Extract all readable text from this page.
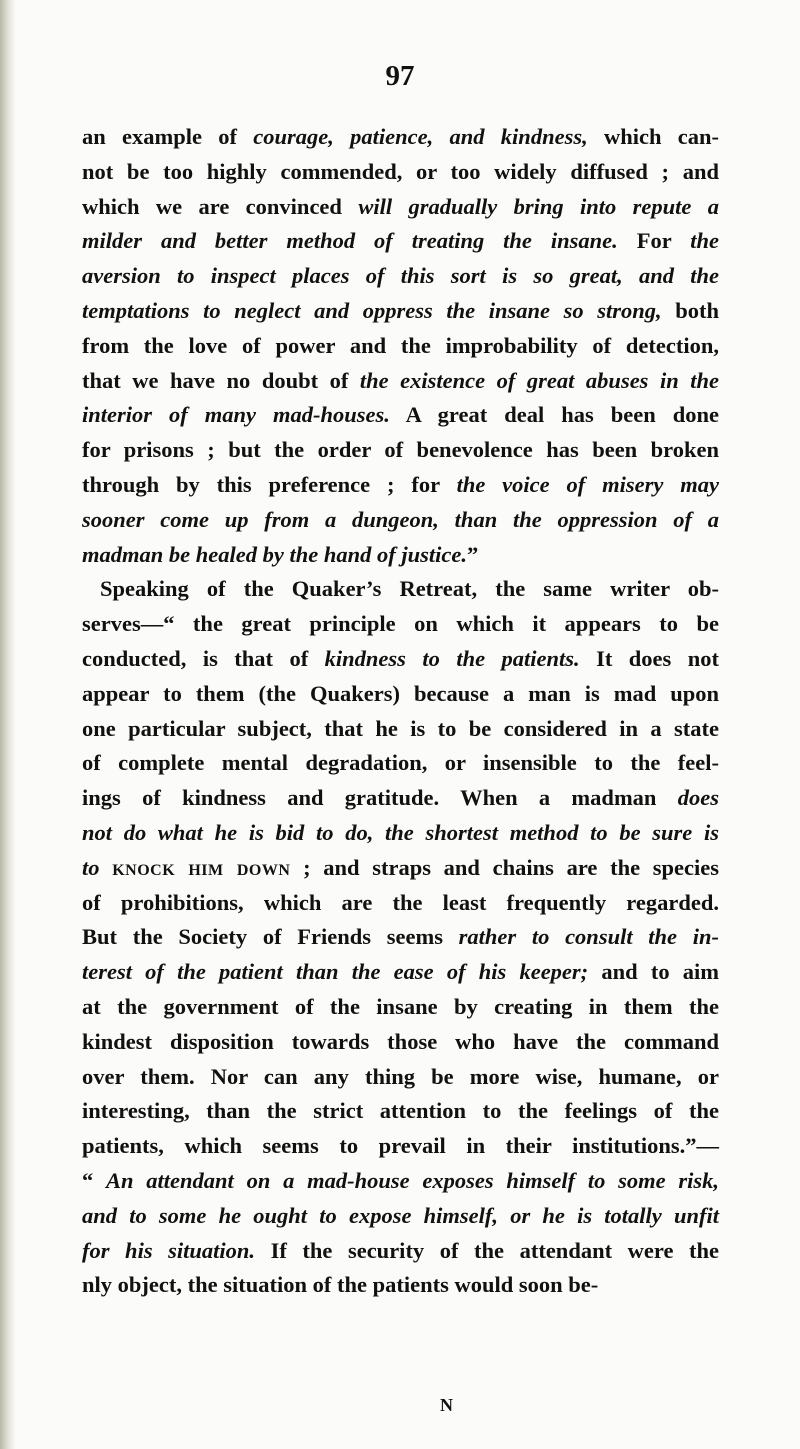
97
an example of courage, patience, and kindness, which can-
not be too highly commended, or too widely diffused ; and
which we are convinced will gradually bring into repute a
milder and better method of treating the insane. For the
aversion to inspect places of this sort is so great, and the
temptations to neglect and oppress the insane so strong, both
from the love of power and the improbability of detection,
that we have no doubt of the existence of great abuses in the
interior of many mad-houses. A great deal has been done
for prisons ; but the order of benevolence has been broken
through by this preference ; for the voice of misery may
sooner come up from a dungeon, than the oppression of a
madman be healed by the hand of justice.”
Speaking of the Quaker’s Retreat, the same writer ob-
serves—“ the great principle on which it appears to be
conducted, is that of kindness to the patients. It does not
appear to them (the Quakers) because a man is mad upon
one particular subject, that he is to be considered in a state
of complete mental degradation, or insensible to the feel-
ings of kindness and gratitude. When a madman does
not do what he is bid to do, the shortest method to be sure is
to knock him down ; and straps and chains are the species
of prohibitions, which are the least frequently regarded.
But the Society of Friends seems rather to consult the in-
terest of the patient than the ease of his keeper; and to aim
at the government of the insane by creating in them the
kindest disposition towards those who have the command
over them. Nor can any thing be more wise, humane, or
interesting, than the strict attention to the feelings of the
patients, which seems to prevail in their institutions.”—
“ An attendant on a mad-house exposes himself to some risk,
and to some he ought to expose himself, or he is totally unfit
for his situation. If the security of the attendant were the
nly object, the situation of the patients would soon be-
N
